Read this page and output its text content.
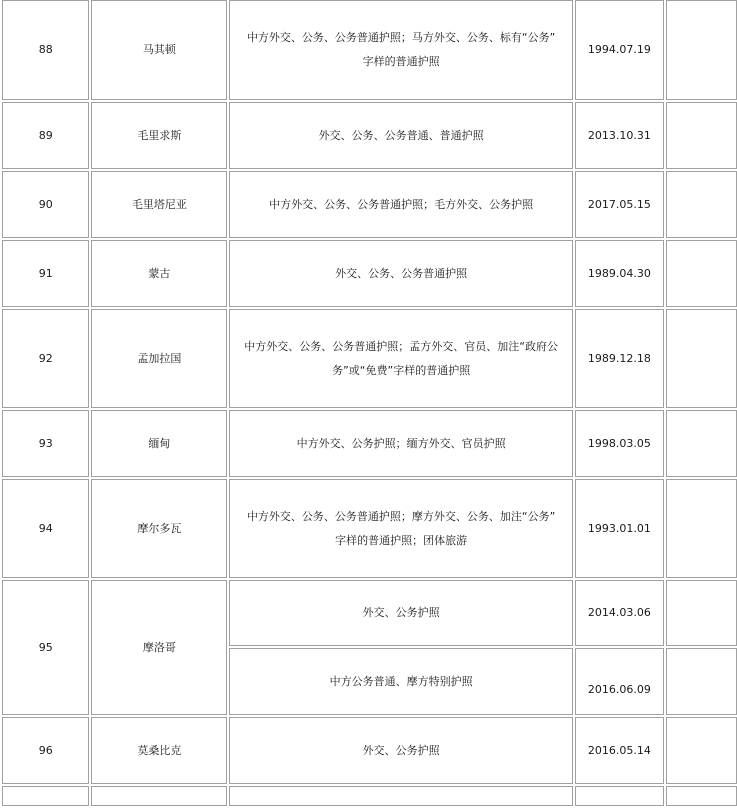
88	马其顿	中方外交、公务、公务普通护照；马方外交、公务、标有“公务”
字样的普通护照	1994.07.19	
89	毛里求斯	外交、公务、公务普通、普通护照	2013.10.31	
90	毛里塔尼亚	中方外交、公务、公务普通护照；毛方外交、公务护照	2017.05.15	
91	蒙古	外交、公务、公务普通护照	1989.04.30	
92	孟加拉国	中方外交、公务、公务普通护照；孟方外交、官员、加注“政府公
务”或“免费”字样的普通护照	1989.12.18	
93	缅甸	中方外交、公务护照；缅方外交、官员护照	1998.03.05	
94	摩尔多瓦	中方外交、公务、公务普通护照；摩方外交、公务、加注“公务”
字样的普通护照；团体旅游	1993.01.01	
95	摩洛哥	外交、公务护照	2014.03.06	
		中方公务普通、摩方特别护照	2016.06.09	
96	莫桑比克	外交、公务护照	2016.05.14	
